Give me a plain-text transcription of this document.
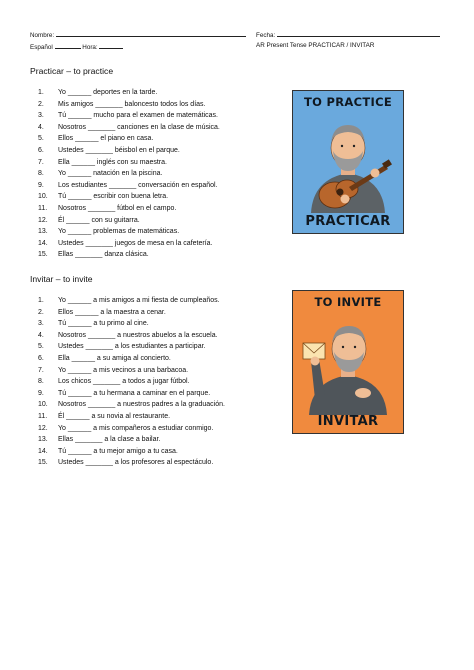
Nombre:	Fecha:
Español	Hora:	AR Present Tense PRACTICAR / INVITAR
Practicar – to practice
1.	Yo ______ deportes en la tarde.
2.	Mis amigos _______ baloncesto todos los días.
3.	Tú ______ mucho para el examen de matemáticas.
4.	Nosotros _______ canciones en la clase de música.
5.	Ellos ______ el piano en casa.
6.	Ustedes _______ béisbol en el parque.
7.	Ella ______ inglés con su maestra.
8.	Yo ______ natación en la piscina.
9.	Los estudiantes _______ conversación en español.
10.	Tú ______ escribir con buena letra.
11.	Nosotros _______ fútbol en el campo.
12.	Él ______ con su guitarra.
13.	Yo ______ problemas de matemáticas.
14.	Ustedes _______ juegos de mesa en la cafetería.
15.	Ellas _______ danza clásica.
TO PRACTICE
PRACTICAR
Invitar – to invite
1.	Yo ______ a mis amigos a mi fiesta de cumpleaños.
2.	Ellos ______ a la maestra a cenar.
3.	Tú ______ a tu primo al cine.
4.	Nosotros _______ a nuestros abuelos a la escuela.
5.	Ustedes _______ a los estudiantes a participar.
6.	Ella ______ a su amiga al concierto.
7.	Yo ______ a mis vecinos a una barbacoa.
8.	Los chicos _______ a todos a jugar fútbol.
9.	Tú ______ a tu hermana a caminar en el parque.
10.	Nosotros _______ a nuestros padres a la graduación.
11.	Él ______ a su novia al restaurante.
12.	Yo ______ a mis compañeros a estudiar conmigo.
13.	Ellas _______ a la clase a bailar.
14.	Tú ______ a tu mejor amigo a tu casa.
15.	Ustedes _______ a los profesores al espectáculo.
TO INVITE
INVITAR
